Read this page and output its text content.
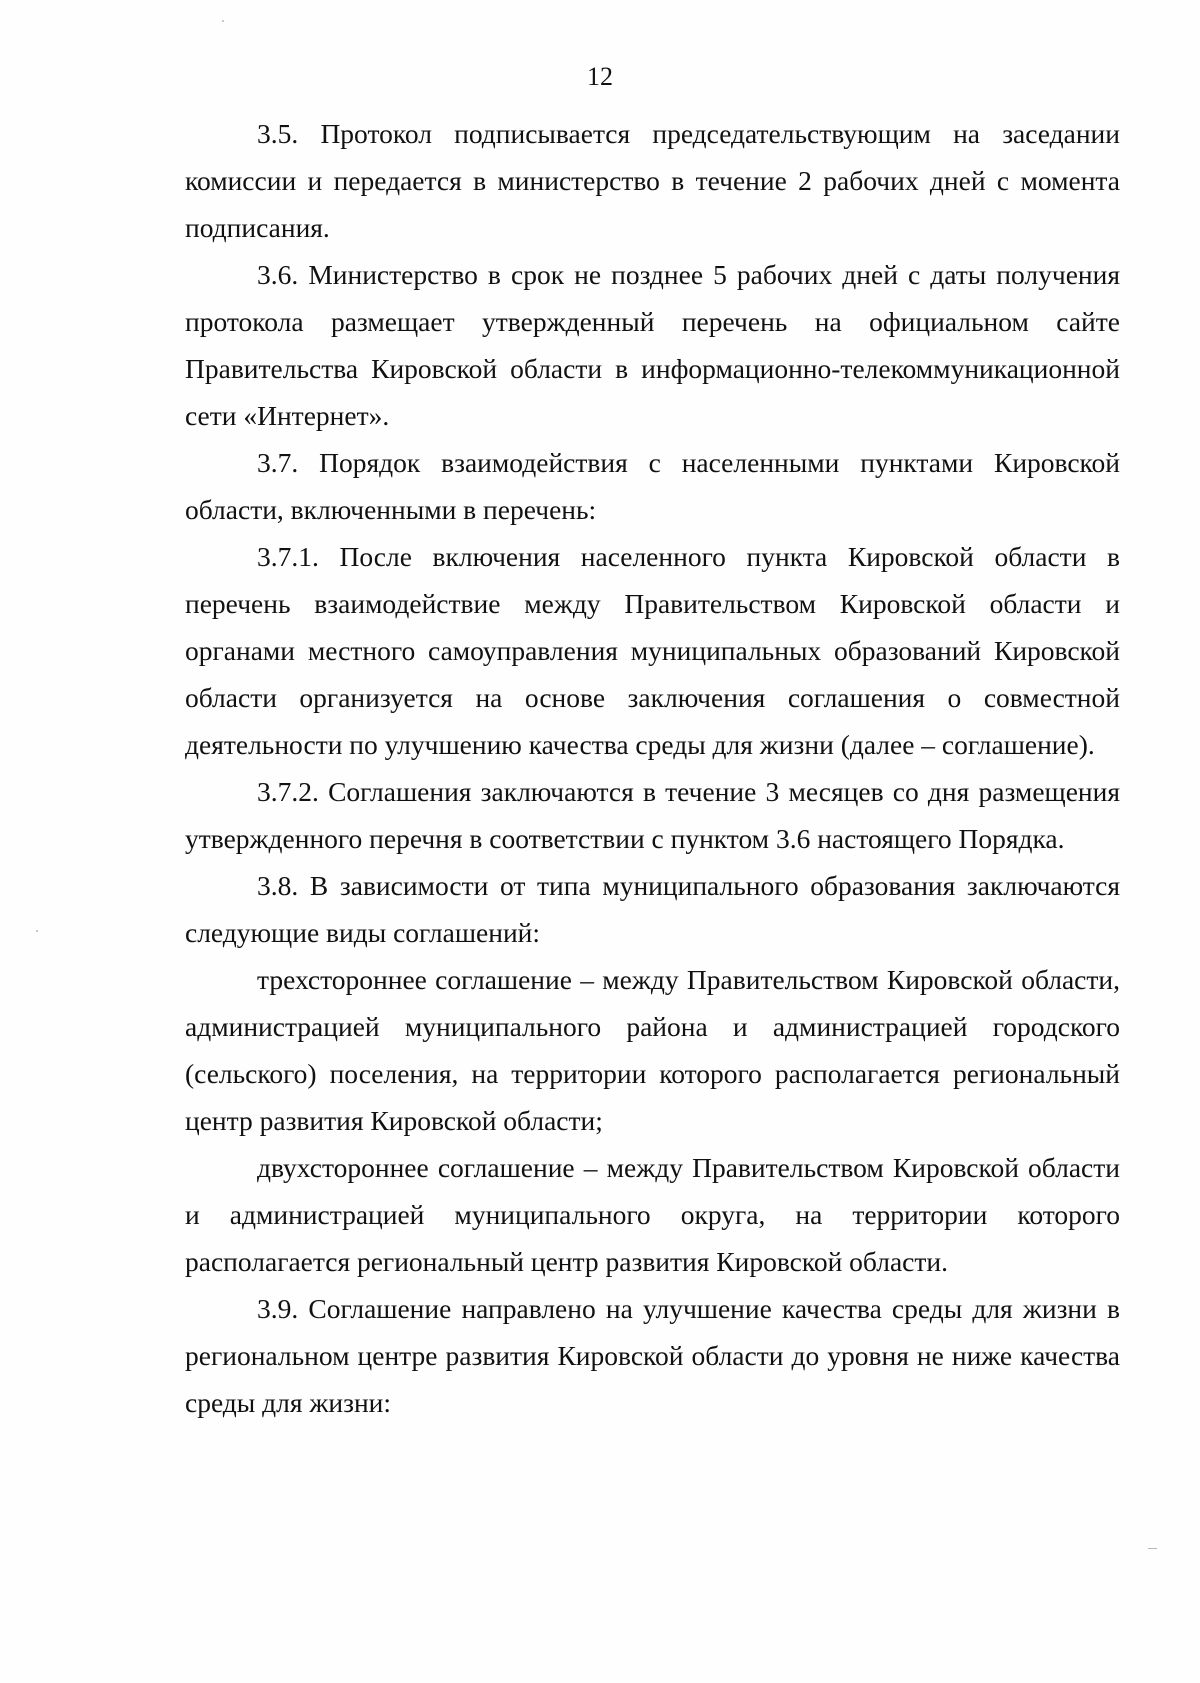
12

3.5. Протокол подписывается председательствующим на заседании комиссии и передается в министерство в течение 2 рабочих дней с момента подписания.

3.6. Министерство в срок не позднее 5 рабочих дней с даты получения протокола размещает утвержденный перечень на официальном сайте Правительства Кировской области в информационно-телекоммуникационной сети «Интернет».

3.7. Порядок взаимодействия с населенными пунктами Кировской области, включенными в перечень:

3.7.1. После включения населенного пункта Кировской области в перечень взаимодействие между Правительством Кировской области и органами местного самоуправления муниципальных образований Кировской области организуется на основе заключения соглашения о совместной деятельности по улучшению качества среды для жизни (далее – соглашение).

3.7.2. Соглашения заключаются в течение 3 месяцев со дня размещения утвержденного перечня в соответствии с пунктом 3.6 настоящего Порядка.

3.8. В зависимости от типа муниципального образования заключаются следующие виды соглашений:

трехстороннее соглашение – между Правительством Кировской области, администрацией муниципального района и администрацией городского (сельского) поселения, на территории которого располагается региональный центр развития Кировской области;

двухстороннее соглашение – между Правительством Кировской области и администрацией муниципального округа, на территории которого располагается региональный центр развития Кировской области.

3.9. Соглашение направлено на улучшение качества среды для жизни в региональном центре развития Кировской области до уровня не ниже качества среды для жизни:
